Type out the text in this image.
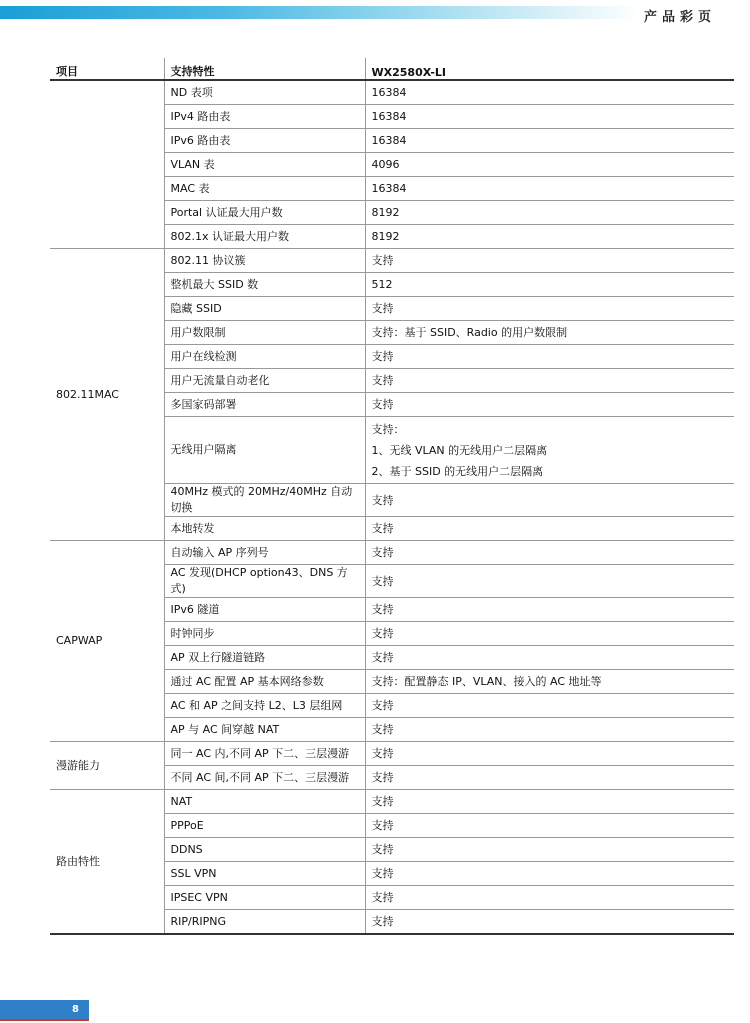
产品彩页
项目	支持特性	WX2580X-LI
	ND 表项	16384

	IPv4 路由表	16384

	IPv6 路由表	16384

	VLAN 表	4096

	MAC 表	16384

	Portal 认证最大用户数	8192

	802.1x 认证最大用户数	8192

802.11MAC	802.11 协议簇	支持

	整机最大 SSID 数	512

	隐藏 SSID	支持

	用户数限制	支持：基于 SSID、Radio 的用户数限制

	用户在线检测	支持

	用户无流量自动老化	支持

	多国家码部署	支持

	无线用户隔离	支持：
1、无线 VLAN 的无线用户二层隔离
2、基于 SSID 的无线用户二层隔离

	40MHz 模式的 20MHz/40MHz 自动切换	支持

	本地转发	支持

CAPWAP	自动输入 AP 序列号	支持

	AC 发现(DHCP option43、DNS 方式)	支持

	IPv6 隧道	支持

	时钟同步	支持

	AP 双上行隧道链路	支持

	通过 AC 配置 AP 基本网络参数	支持：配置静态 IP、VLAN、接入的 AC 地址等

	AC 和 AP 之间支持 L2、L3 层组网	支持

	AP 与 AC 间穿越 NAT	支持

漫游能力	同一 AC 内,不同 AP 下二、三层漫游	支持

	不同 AC 间,不同 AP 下二、三层漫游	支持

路由特性	NAT	支持

	PPPoE	支持

	DDNS	支持

	SSL VPN	支持

	IPSEC VPN	支持

	RIP/RIPNG	支持
8
